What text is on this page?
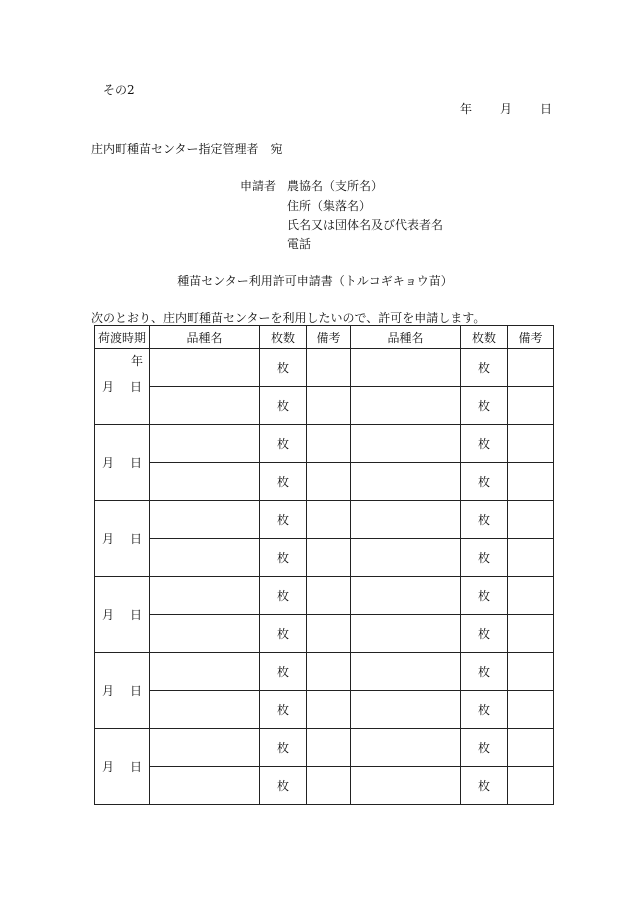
その2
年 月 日
庄内町種苗センター指定管理者　宛
申請者 農協名（支所名）
住所（集落名）
氏名又は団体名及び代表者名
電話
種苗センター利用許可申請書（トルコギキョウ苗）
次のとおり、庄内町種苗センターを利用したいので、許可を申請します。
荷渡時期	品種名	枚数	備考	品種名	枚数	備考

年
月 日		枚			枚	
		枚			枚	
月 日		枚			枚	
		枚			枚	
月 日		枚			枚	
		枚			枚	
月 日		枚			枚	
		枚			枚	
月 日		枚			枚	
		枚			枚	
月 日		枚			枚	
		枚			枚	
